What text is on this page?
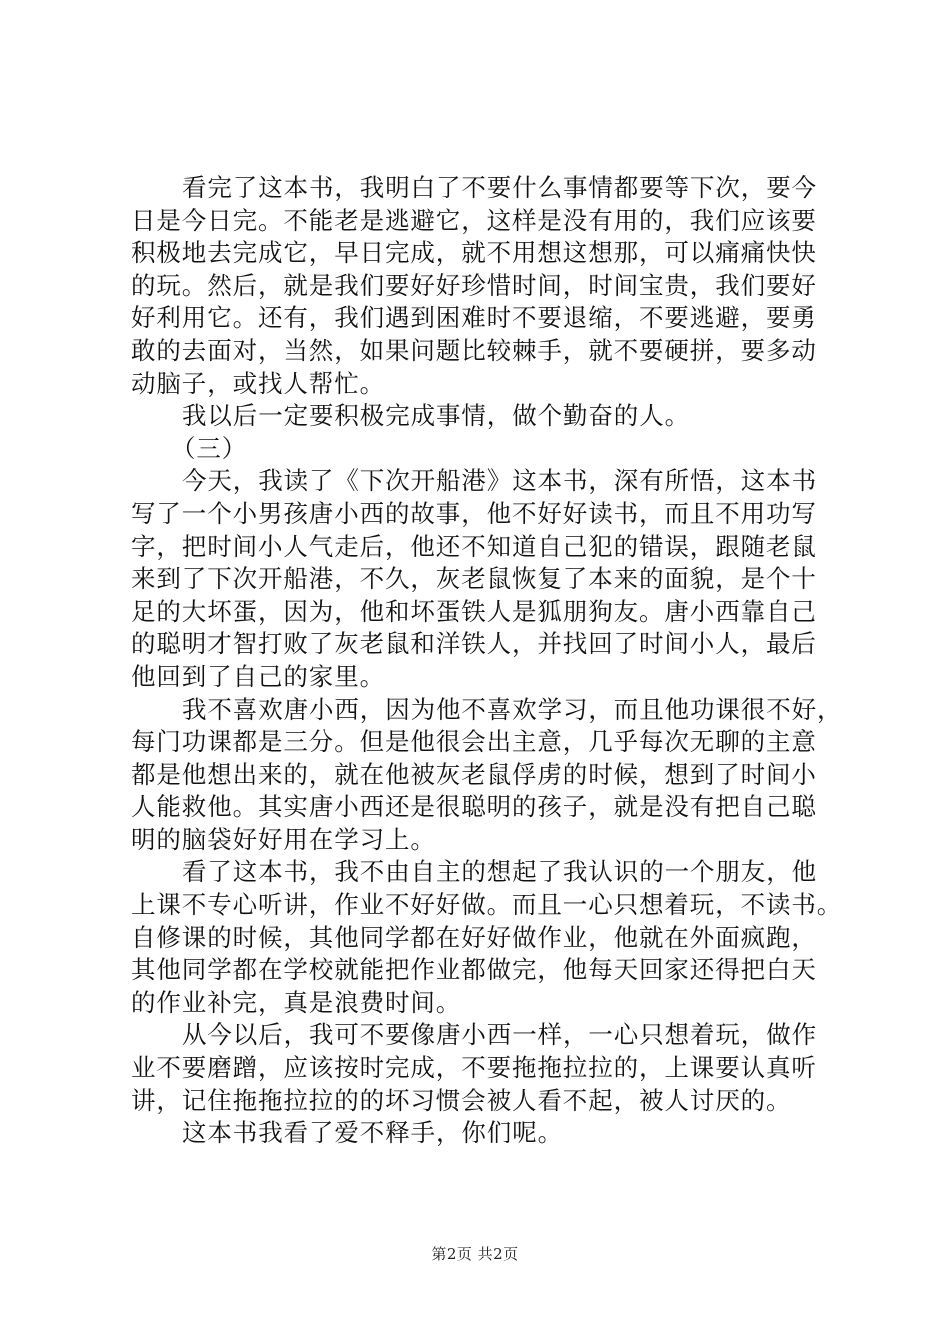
看完了这本书，我明白了不要什么事情都要等下次，要今
日是今日完。不能老是逃避它，这样是没有用的，我们应该要
积极地去完成它，早日完成，就不用想这想那，可以痛痛快快
的玩。然后，就是我们要好好珍惜时间，时间宝贵，我们要好
好利用它。还有，我们遇到困难时不要退缩，不要逃避，要勇
敢的去面对，当然，如果问题比较棘手，就不要硬拼，要多动
动脑子，或找人帮忙。
我以后一定要积极完成事情，做个勤奋的人。
（三）
今天，我读了《下次开船港》这本书，深有所悟，这本书
写了一个小男孩唐小西的故事，他不好好读书，而且不用功写
字，把时间小人气走后，他还不知道自己犯的错误，跟随老鼠
来到了下次开船港，不久，灰老鼠恢复了本来的面貌，是个十
足的大坏蛋，因为，他和坏蛋铁人是狐朋狗友。唐小西靠自己
的聪明才智打败了灰老鼠和洋铁人，并找回了时间小人，最后
他回到了自己的家里。
我不喜欢唐小西，因为他不喜欢学习，而且他功课很不好，
每门功课都是三分。但是他很会出主意，几乎每次无聊的主意
都是他想出来的，就在他被灰老鼠俘虏的时候，想到了时间小
人能救他。其实唐小西还是很聪明的孩子，就是没有把自己聪
明的脑袋好好用在学习上。
看了这本书，我不由自主的想起了我认识的一个朋友，他
上课不专心听讲，作业不好好做。而且一心只想着玩，不读书。
自修课的时候，其他同学都在好好做作业，他就在外面疯跑，
其他同学都在学校就能把作业都做完，他每天回家还得把白天
的作业补完，真是浪费时间。
从今以后，我可不要像唐小西一样，一心只想着玩，做作
业不要磨蹭，应该按时完成，不要拖拖拉拉的，上课要认真听
讲，记住拖拖拉拉的的坏习惯会被人看不起，被人讨厌的。
这本书我看了爱不释手，你们呢。
第2页 共2页
